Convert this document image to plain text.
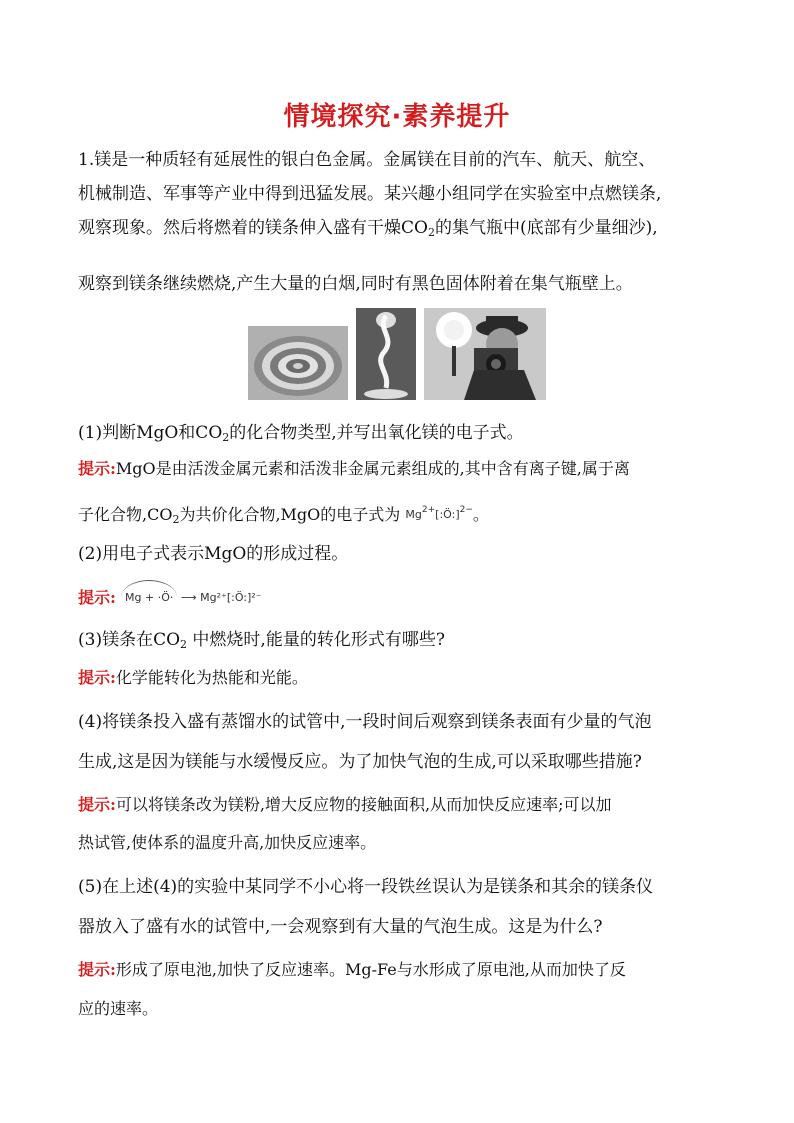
情境探究·素养提升

1.镁是一种质轻有延展性的银白色金属。金属镁在目前的汽车、航天、航空、

机械制造、军事等产业中得到迅猛发展。某兴趣小组同学在实验室中点燃镁条,

观察现象。然后将燃着的镁条伸入盛有干燥$CO_2$的集气瓶中(底部有少量细沙),

观察到镁条继续燃烧,产生大量的白烟,同时有黑色固体附着在集气瓶壁上。

(1)判断MgO和$CO_2$的化合物类型,并写出氧化镁的电子式。

提示:MgO是由活泼金属元素和活泼非金属元素组成的,其中含有离子键,属于离

子化合物$,CO_2$为共价化合物,MgO的电子式为 $Mg^{2+}[:Ö:]^{2-}$。

(2)用电子式表示MgO的形成过程。

提示: Mg + ·Ö· ⟶ Mg²⁺[:Ö:]²⁻

(3)镁条在$CO_2$ 中燃烧时,能量的转化形式有哪些?

提示:化学能转化为热能和光能。

(4)将镁条投入盛有蒸馏水的试管中,一段时间后观察到镁条表面有少量的气泡

生成,这是因为镁能与水缓慢反应。为了加快气泡的生成,可以采取哪些措施?

提示:可以将镁条改为镁粉,增大反应物的接触面积,从而加快反应速率;可以加

热试管,使体系的温度升高,加快反应速率。

(5)在上述(4)的实验中某同学不小心将一段铁丝误认为是镁条和其余的镁条仪

器放入了盛有水的试管中,一会观察到有大量的气泡生成。这是为什么?

提示:形成了原电池,加快了反应速率。Mg-Fe与水形成了原电池,从而加快了反

应的速率。
